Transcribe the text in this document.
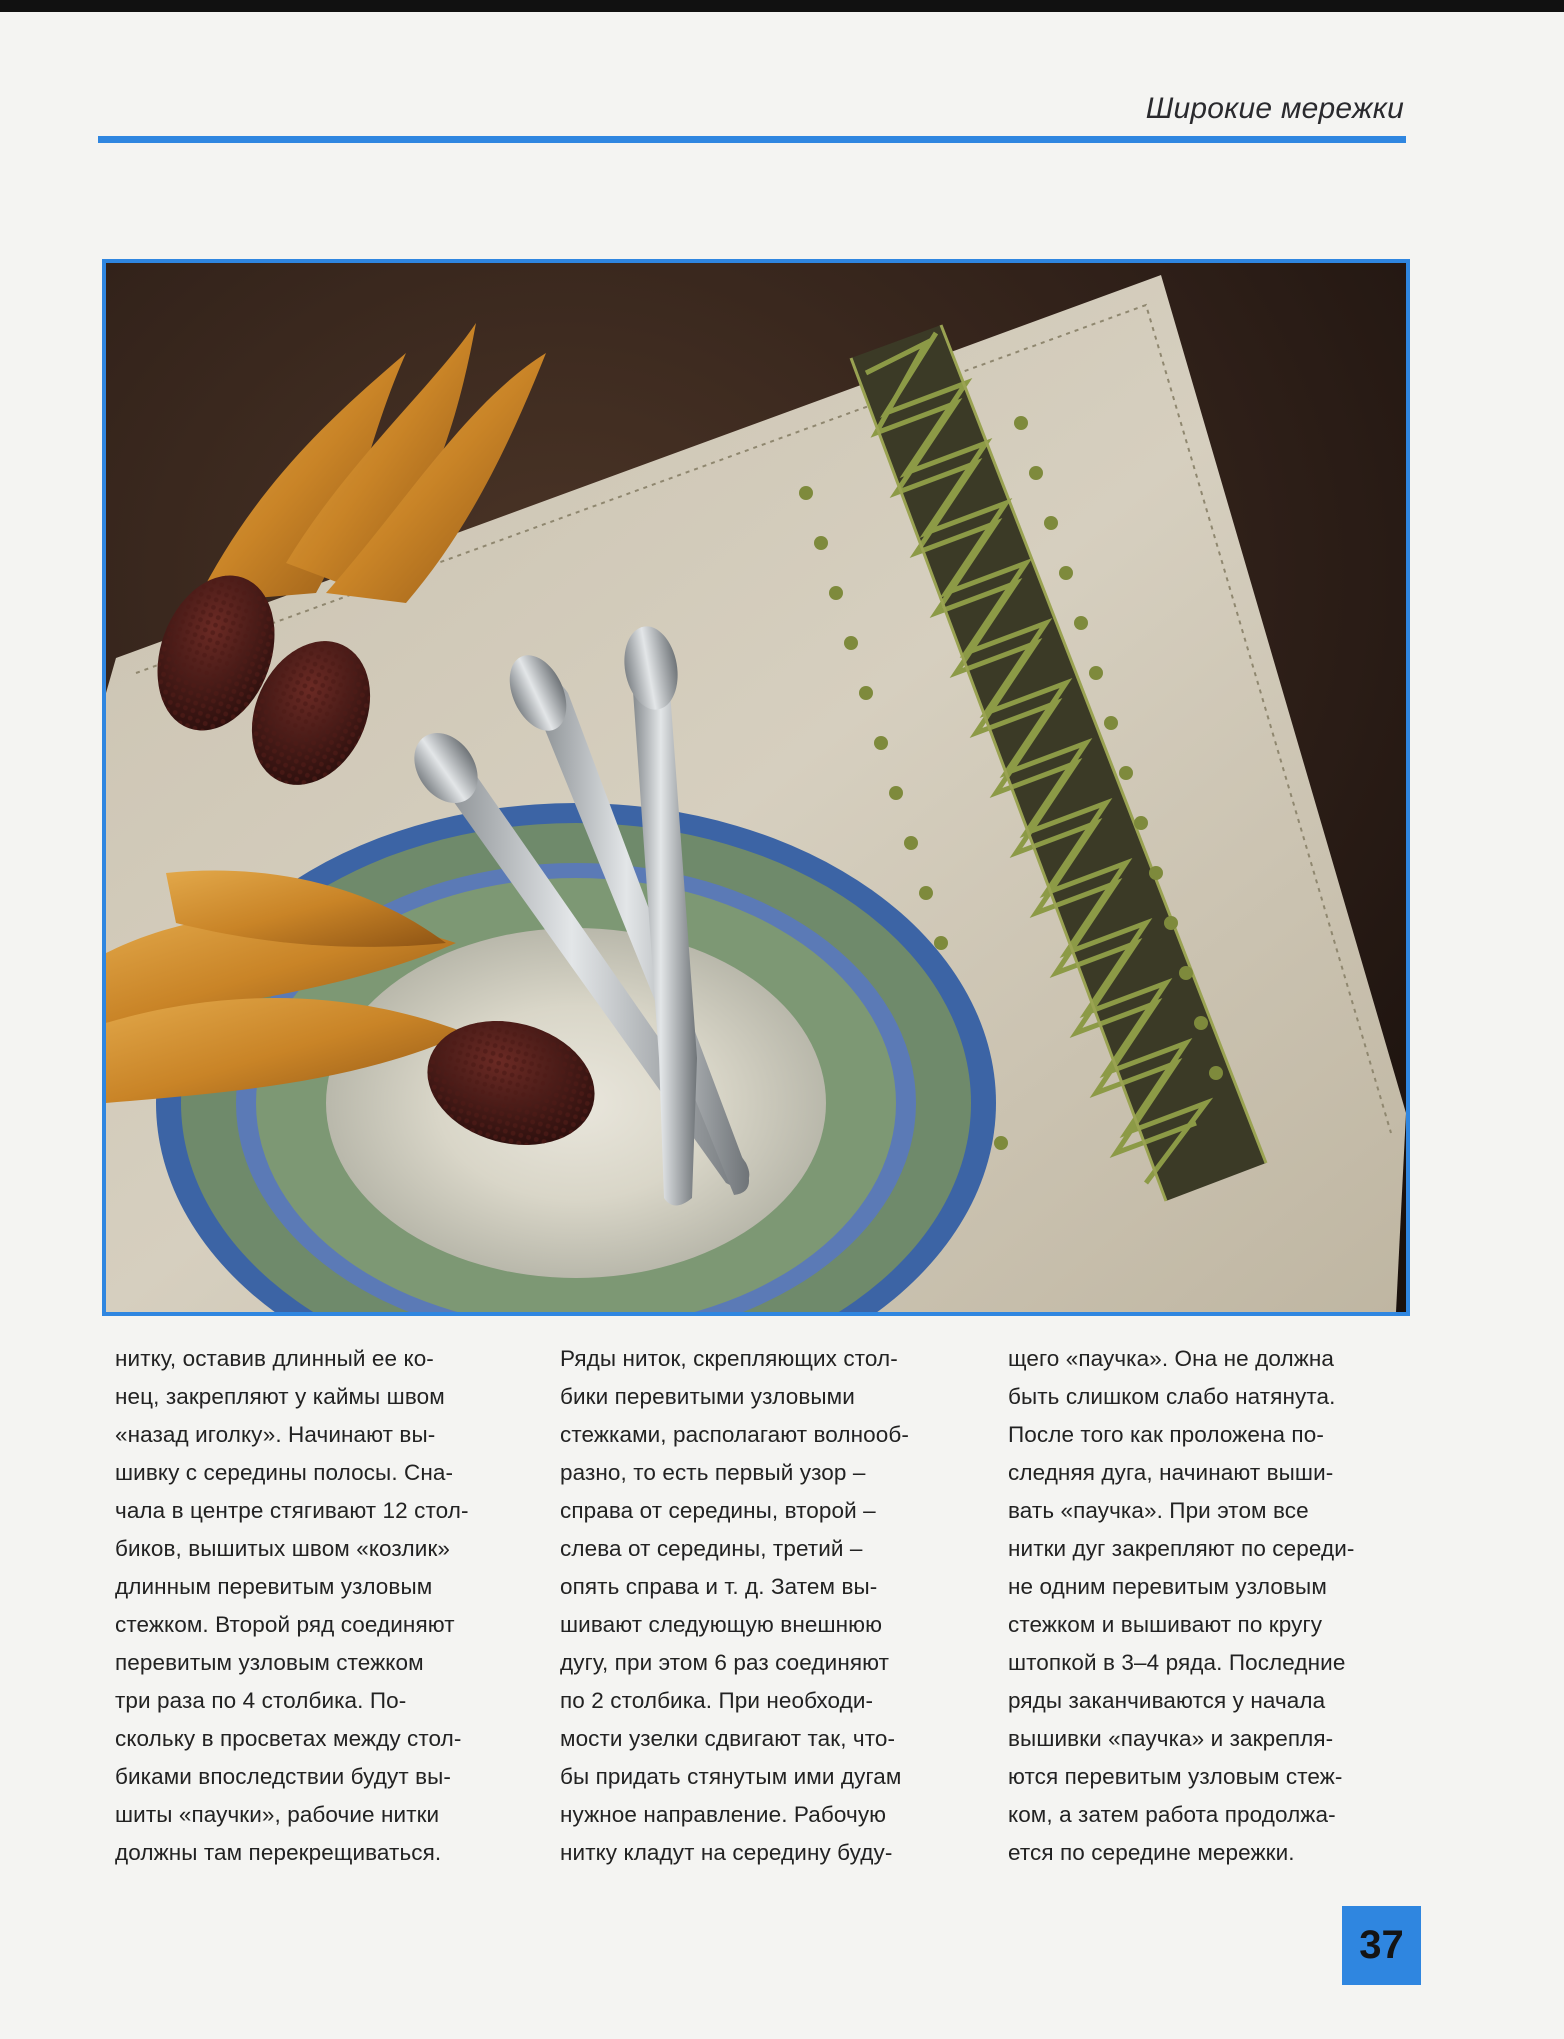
Широкие мережки
нитку, оставив длинный ее ко-
нец, закрепляют у каймы швом
«назад иголку». Начинают вы-
шивку с середины полосы. Сна-
чала в центре стягивают 12 стол-
биков, вышитых швом «козлик»
длинным перевитым узловым
стежком. Второй ряд соединяют
перевитым узловым стежком
три раза по 4 столбика. По-
скольку в просветах между стол-
биками впоследствии будут вы-
шиты «паучки», рабочие нитки
должны там перекрещиваться.
Ряды ниток, скрепляющих стол-
бики перевитыми узловыми
стежками, располагают волнооб-
разно, то есть первый узор –
справа от середины, второй –
слева от середины, третий –
опять справа и т. д. Затем вы-
шивают следующую внешнюю
дугу, при этом 6 раз соединяют
по 2 столбика. При необходи-
мости узелки сдвигают так, что-
бы придать стянутым ими дугам
нужное направление. Рабочую
нитку кладут на середину буду-
щего «паучка». Она не должна
быть слишком слабо натянута.
После того как проложена по-
следняя дуга, начинают выши-
вать «паучка». При этом все
нитки дуг закрепляют по середи-
не одним перевитым узловым
стежком и вышивают по кругу
штопкой в 3–4 ряда. Последние
ряды заканчиваются у начала
вышивки «паучка» и закрепля-
ются перевитым узловым стеж-
ком, а затем работа продолжа-
ется по середине мережки.
37
